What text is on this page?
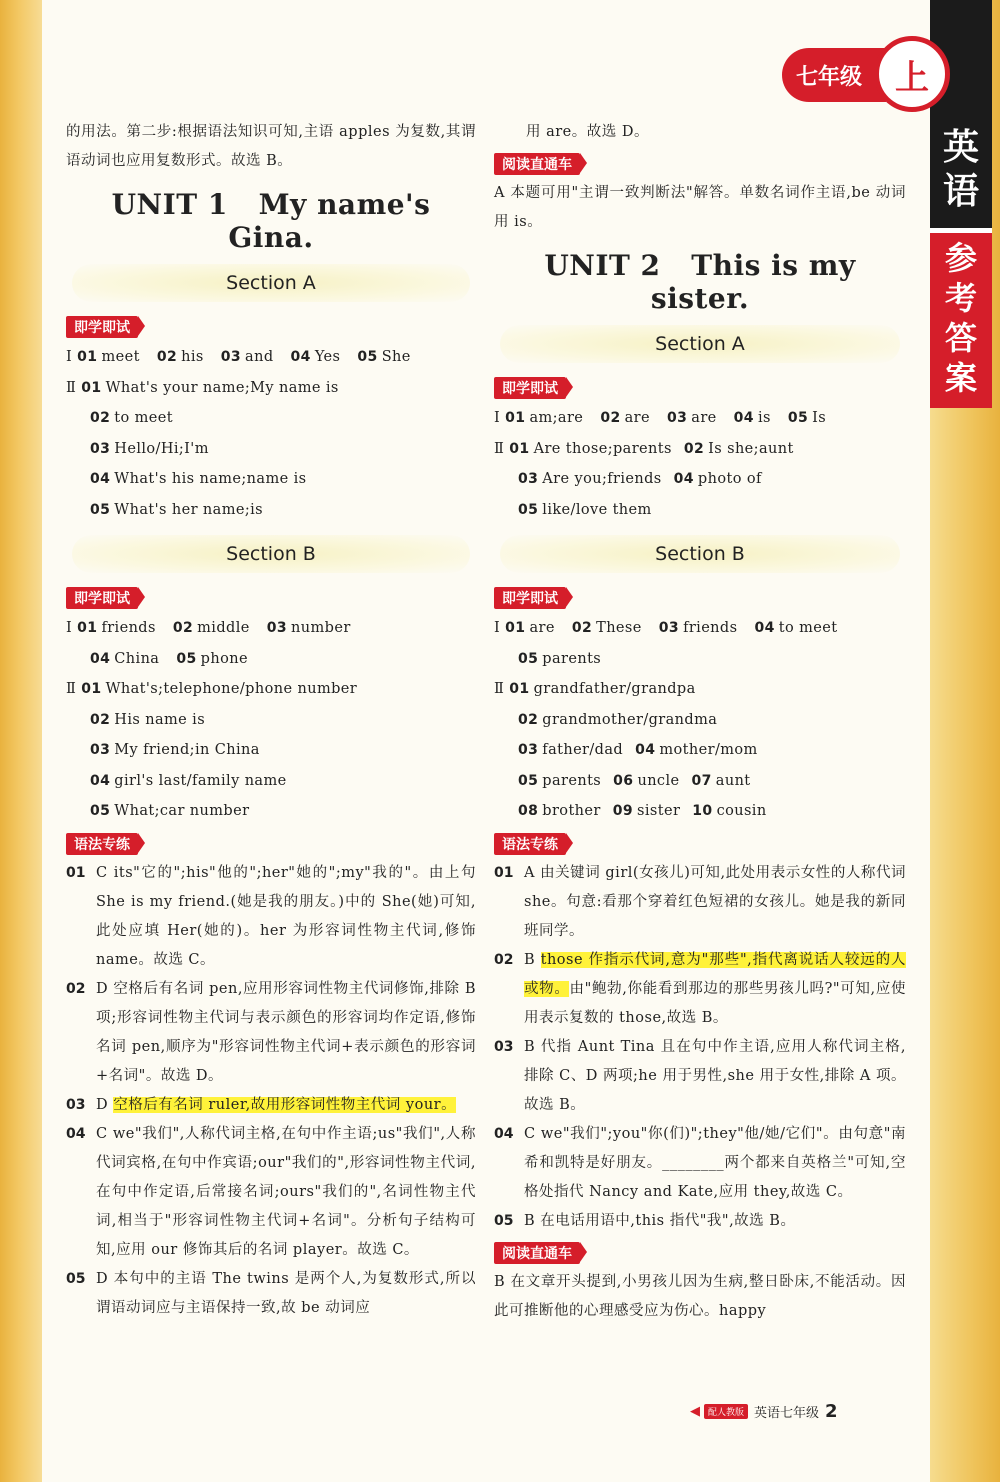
英
语
参
考
答
案
七年级 上

的用法。第二步:根据语法知识可知,主语 apples 为复数,其谓语动词也应用复数形式。故选 B。

UNIT 1 My name's Gina.
Section A
即学即试

Ⅰ 01 meet 02 his 03 and 04 Yes 05 She

Ⅱ 01 What's your name;My name is

02 to meet

03 Hello/Hi;I'm

04 What's his name;name is

05 What's her name;is

Section B
即学即试

Ⅰ 01 friends 02 middle 03 number

04 China 05 phone

Ⅱ 01 What's;telephone/phone number

02 His name is

03 My friend;in China

04 girl's last/family name

05 What;car number

语法专练
01 C its"它的";his"他的";her"她的";my"我的"。由上句 She is my friend.(她是我的朋友。)中的 She(她)可知,此处应填 Her(她的)。her 为形容词性物主代词,修饰 name。故选 C。
02 D 空格后有名词 pen,应用形容词性物主代词修饰,排除 B 项;形容词性物主代词与表示颜色的形容词均作定语,修饰名词 pen,顺序为"形容词性物主代词+表示颜色的形容词+名词"。故选 D。
03 D 空格后有名词 ruler,故用形容词性物主代词 your。
04 C we"我们",人称代词主格,在句中作主语;us"我们",人称代词宾格,在句中作宾语;our"我们的",形容词性物主代词,在句中作定语,后常接名词;ours"我们的",名词性物主代词,相当于"形容词性物主代词+名词"。分析句子结构可知,应用 our 修饰其后的名词 player。故选 C。
05 D 本句中的主语 The twins 是两个人,为复数形式,所以谓语动词应与主语保持一致,故 be 动词应

用 are。故选 D。

阅读直通车

A 本题可用"主谓一致判断法"解答。单数名词作主语,be 动词用 is。

UNIT 2 This is my sister.
Section A
即学即试

Ⅰ 01 am;are 02 are 03 are 04 is 05 Is

Ⅱ 01 Are those;parents 02 Is she;aunt

03 Are you;friends 04 photo of

05 like/love them

Section B
即学即试

Ⅰ 01 are 02 These 03 friends 04 to meet

05 parents

Ⅱ 01 grandfather/grandpa

02 grandmother/grandma

03 father/dad 04 mother/mom

05 parents 06 uncle 07 aunt

08 brother 09 sister 10 cousin

语法专练
01 A 由关键词 girl(女孩儿)可知,此处用表示女性的人称代词 she。句意:看那个穿着红色短裙的女孩儿。她是我的新同班同学。
02 B those 作指示代词,意为"那些",指代离说话人较远的人或物。由"鲍勃,你能看到那边的那些男孩儿吗?"可知,应使用表示复数的 those,故选 B。
03 B 代指 Aunt Tina 且在句中作主语,应用人称代词主格,排除 C、D 两项;he 用于男性,she 用于女性,排除 A 项。故选 B。
04 C we"我们";you"你(们)";they"他/她/它们"。由句意"南希和凯特是好朋友。________两个都来自英格兰"可知,空格处指代 Nancy and Kate,应用 they,故选 C。
05 B 在电话用语中,this 指代"我",故选 B。
阅读直通车

B 在文章开头提到,小男孩儿因为生病,整日卧床,不能活动。因此可推断他的心理感受应为伤心。happy

◀ 配人教版 英语七年级 2
